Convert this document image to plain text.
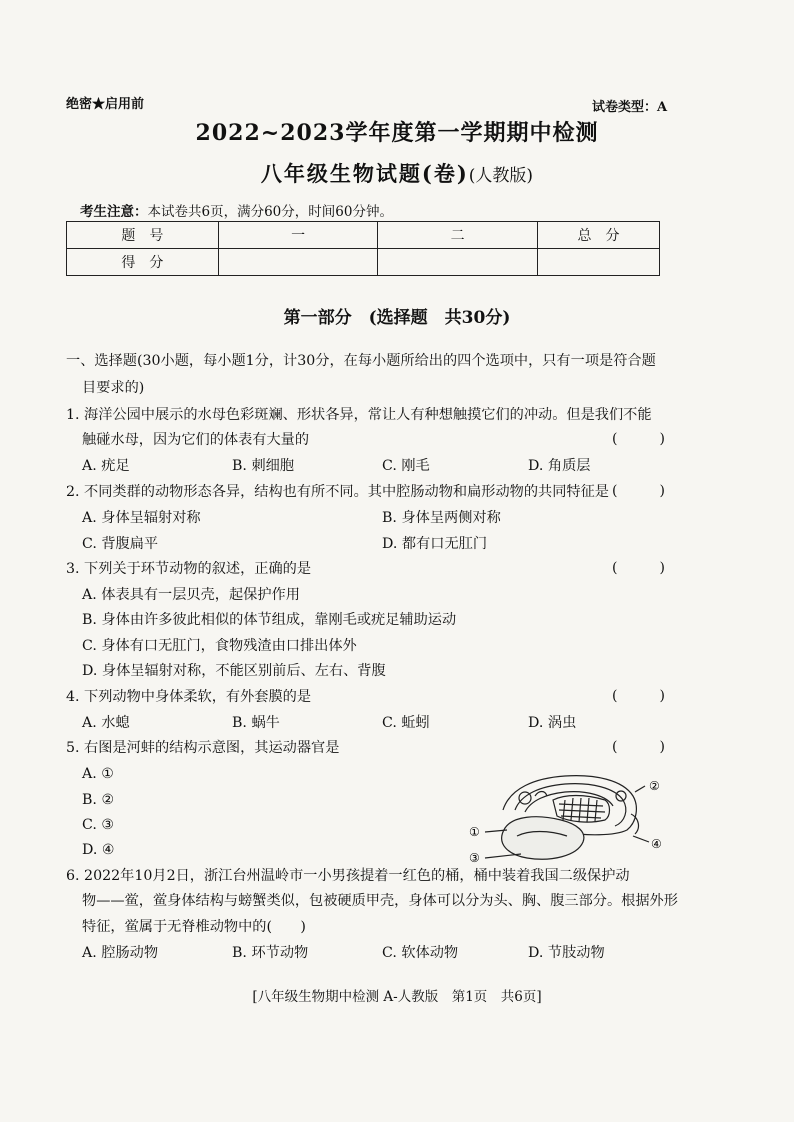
绝密★启用前	试卷类型：A
2022~2023学年度第一学期期中检测
八年级生物试题(卷)(人教版)
考生注意：本试卷共6页，满分60分，时间60分钟。
题　号	一	二	总　分
得　分			
第一部分　(选择题　共30分)
一、选择题(30小题，每小题1分，计30分，在每小题所给出的四个选项中，只有一项是符合题
目要求的)
1. 海洋公园中展示的水母色彩斑斓、形状各异，常让人有种想触摸它们的冲动。但是我们不能
触碰水母，因为它们的体表有大量的	(　　　)
A. 疣足	B. 刺细胞	C. 刚毛	D. 角质层
2. 不同类群的动物形态各异，结构也有所不同。其中腔肠动物和扁形动物的共同特征是 (　　　)
A. 身体呈辐射对称	B. 身体呈两侧对称
C. 背腹扁平	D. 都有口无肛门
3. 下列关于环节动物的叙述，正确的是	(　　　)
A. 体表具有一层贝壳，起保护作用
B. 身体由许多彼此相似的体节组成，靠刚毛或疣足辅助运动
C. 身体有口无肛门，食物残渣由口排出体外
D. 身体呈辐射对称，不能区别前后、左右、背腹
4. 下列动物中身体柔软，有外套膜的是	(　　　)
A. 水螅	B. 蜗牛	C. 蚯蚓	D. 涡虫
5. 右图是河蚌的结构示意图，其运动器官是	(　　　)
A. ①
B. ②
C. ③
D. ④
②
①
③
④
6. 2022年10月2日，浙江台州温岭市一小男孩提着一红色的桶，桶中装着我国二级保护动
物——鲎，鲎身体结构与螃蟹类似，包被硬质甲壳，身体可以分为头、胸、腹三部分。根据外形
特征，鲎属于无脊椎动物中的(　　)
A. 腔肠动物	B. 环节动物	C. 软体动物	D. 节肢动物
[八年级生物期中检测 A-人教版　第1页　共6页]
